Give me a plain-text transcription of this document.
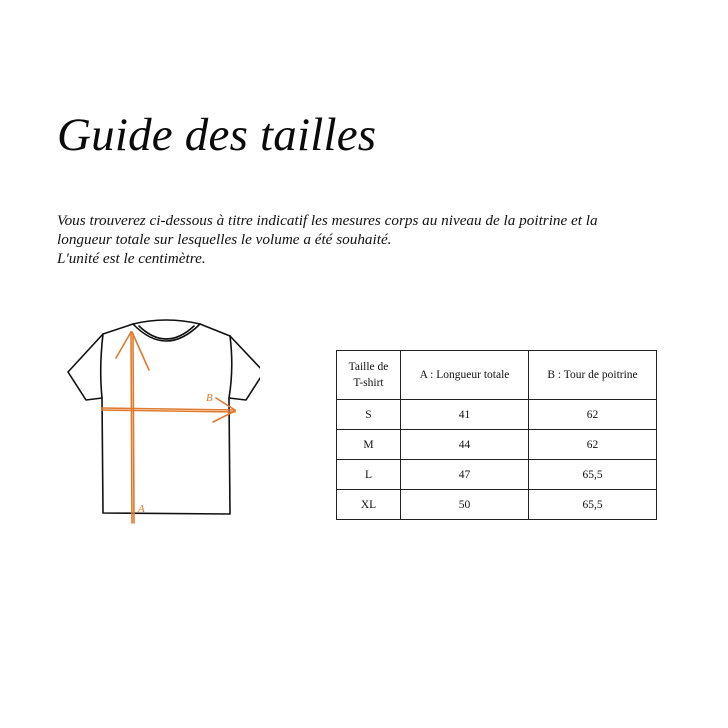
Guide des tailles

Vous trouverez ci-dessous à titre indicatif les mesures corps au niveau de la poitrine et la

longueur totale sur lesquelles le volume a été souhaité.

L'unité est le centimètre.

B
A
Taille de
T-shirt	A : Longueur totale	B : Tour de poitrine
S	41	62
M	44	62
L	47	65,5
XL	50	65,5
